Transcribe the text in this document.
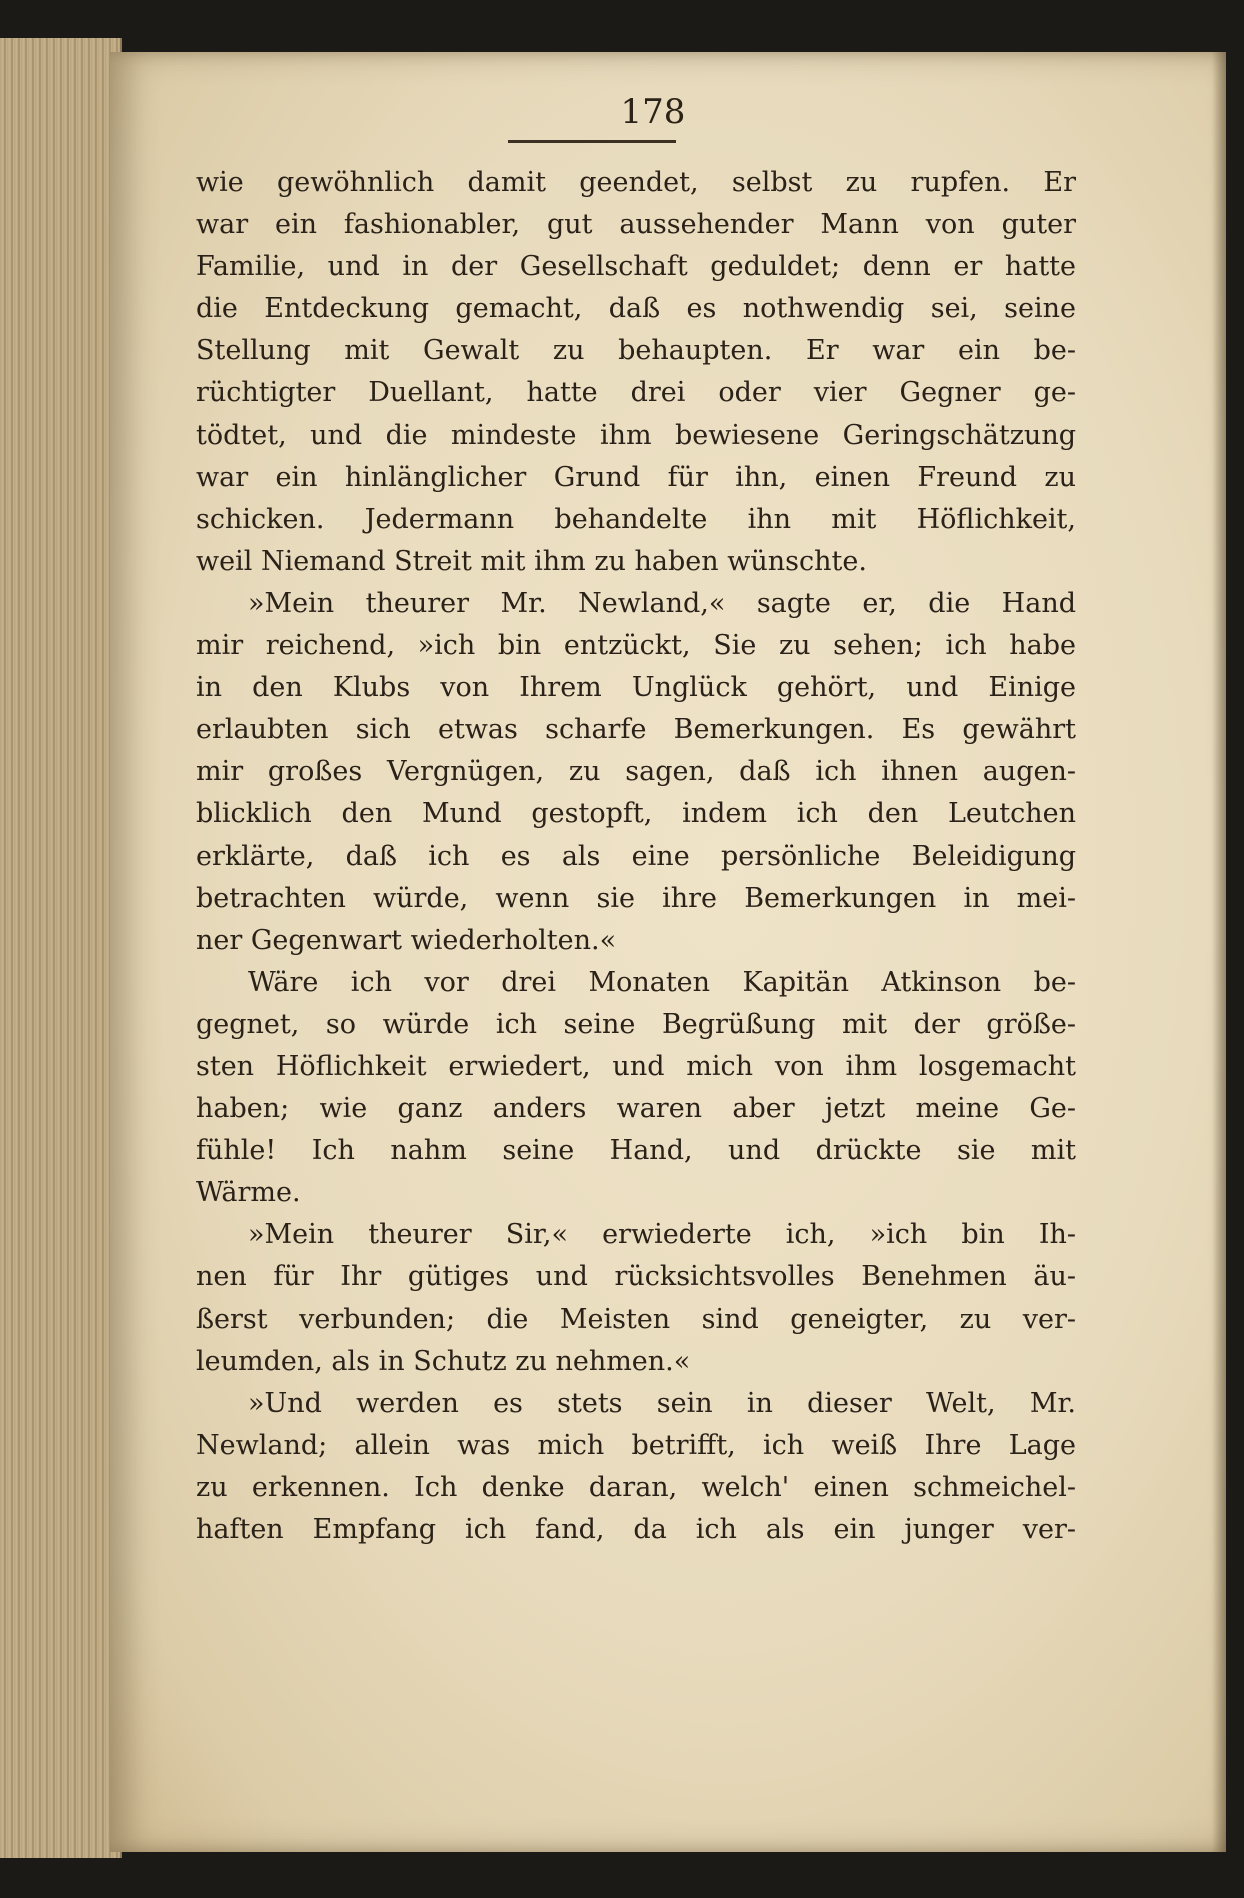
178
wie gewöhnlich damit geendet, selbst zu rupfen. Er
war ein fashionabler, gut aussehender Mann von guter
Familie, und in der Gesellschaft geduldet; denn er hatte
die Entdeckung gemacht, daß es nothwendig sei, seine
Stellung mit Gewalt zu behaupten. Er war ein be-
rüchtigter Duellant, hatte drei oder vier Gegner ge-
tödtet, und die mindeste ihm bewiesene Geringschätzung
war ein hinlänglicher Grund für ihn, einen Freund zu
schicken. Jedermann behandelte ihn mit Höflichkeit,
weil Niemand Streit mit ihm zu haben wünschte.
»Mein theurer Mr. Newland,« sagte er, die Hand
mir reichend, »ich bin entzückt, Sie zu sehen; ich habe
in den Klubs von Ihrem Unglück gehört, und Einige
erlaubten sich etwas scharfe Bemerkungen. Es gewährt
mir großes Vergnügen, zu sagen, daß ich ihnen augen-
blicklich den Mund gestopft, indem ich den Leutchen
erklärte, daß ich es als eine persönliche Beleidigung
betrachten würde, wenn sie ihre Bemerkungen in mei-
ner Gegenwart wiederholten.«
Wäre ich vor drei Monaten Kapitän Atkinson be-
gegnet, so würde ich seine Begrüßung mit der größe-
sten Höflichkeit erwiedert, und mich von ihm losgemacht
haben; wie ganz anders waren aber jetzt meine Ge-
fühle! Ich nahm seine Hand, und drückte sie mit
Wärme.
»Mein theurer Sir,« erwiederte ich, »ich bin Ih-
nen für Ihr gütiges und rücksichtsvolles Benehmen äu-
ßerst verbunden; die Meisten sind geneigter, zu ver-
leumden, als in Schutz zu nehmen.«
»Und werden es stets sein in dieser Welt, Mr.
Newland; allein was mich betrifft, ich weiß Ihre Lage
zu erkennen. Ich denke daran, welch' einen schmeichel-
haften Empfang ich fand, da ich als ein junger ver-
